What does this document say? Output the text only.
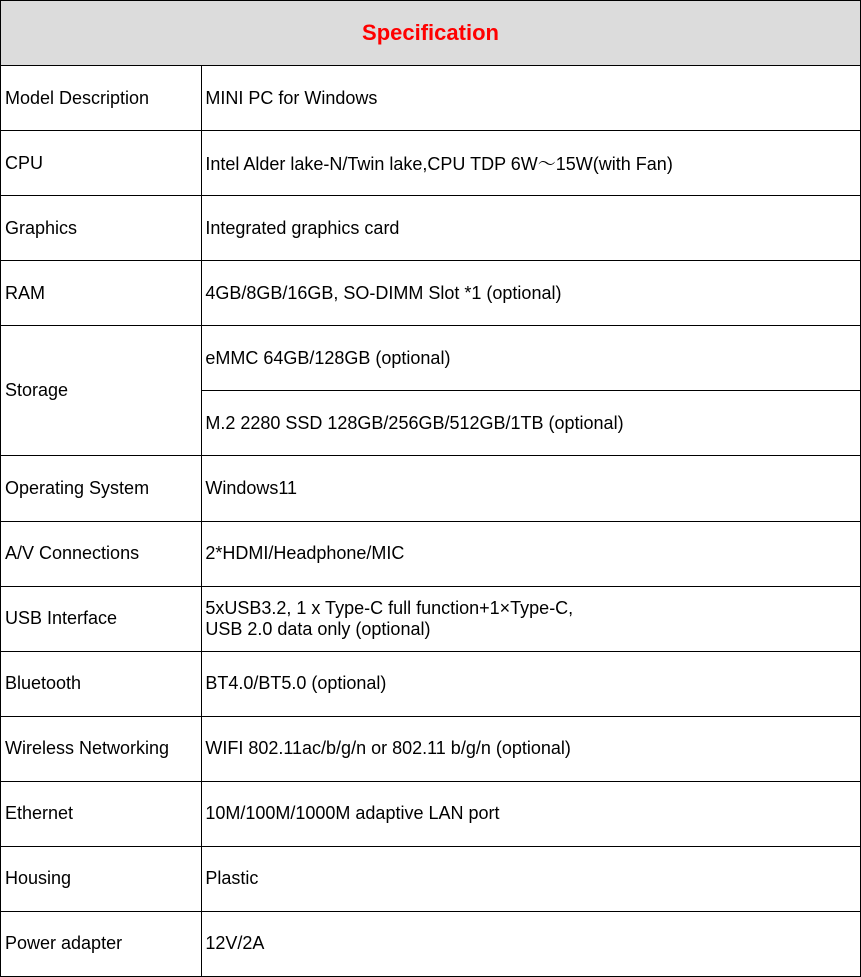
Specification	
Model Description	MINI PC for Windows
CPU	Intel Alder lake-N/Twin lake,CPU TDP 6W～15W(with Fan)
Graphics	Integrated graphics card
RAM	4GB/8GB/16GB, SO-DIMM Slot *1 (optional)
Storage	eMMC 64GB/128GB (optional)
	M.2 2280 SSD 128GB/256GB/512GB/1TB (optional)
Operating System	Windows11
A/V Connections	2*HDMI/Headphone/MIC
USB Interface	5xUSB3.2, 1 x Type-C full function+1×Type-C,
USB 2.0 data only (optional)

Bluetooth	BT4.0/BT5.0 (optional)
Wireless Networking	WIFI 802.11ac/b/g/n or 802.11 b/g/n (optional)
Ethernet	10M/100M/1000M adaptive LAN port
Housing	Plastic
Power adapter	12V/2A
